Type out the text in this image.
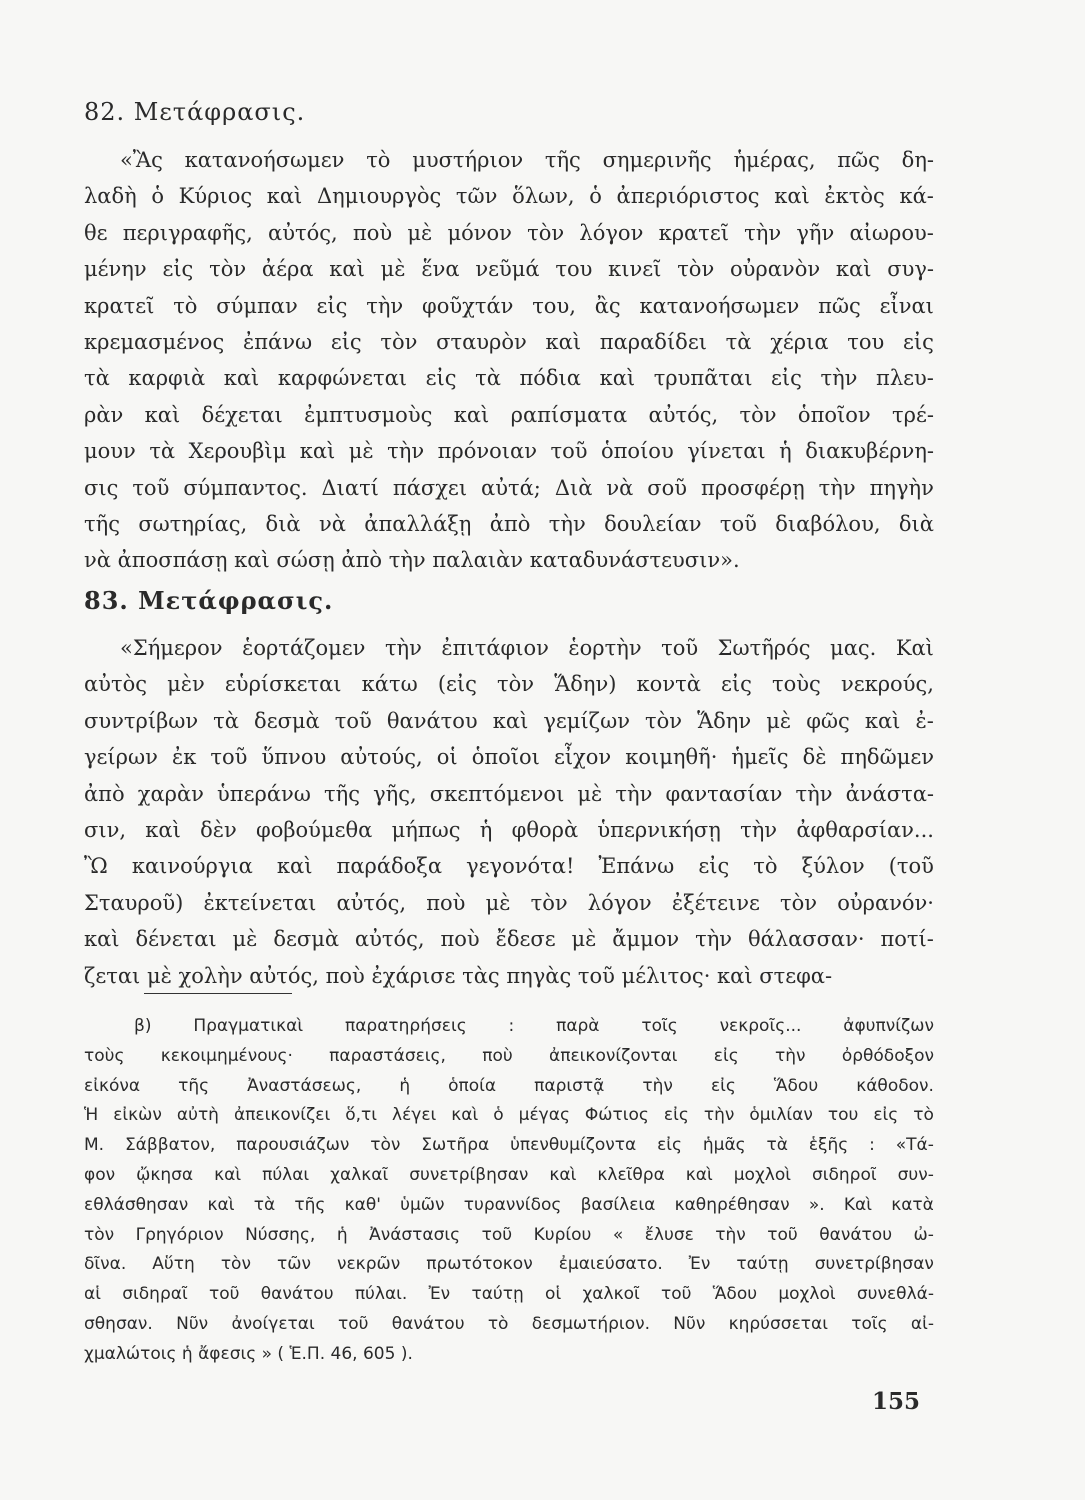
82. Μετάφρασις.
«Ἂς κατανοήσωμεν τὸ μυστήριον τῆς σημερινῆς ἡμέρας, πῶς δη-
λαδὴ ὁ Κύριος καὶ Δημιουργὸς τῶν ὅλων, ὁ ἀπεριόριστος καὶ ἐκτὸς κά-
θε περιγραφῆς, αὐτός, ποὺ μὲ μόνον τὸν λόγον κρατεῖ τὴν γῆν αἰωρου-
μένην εἰς τὸν ἀέρα καὶ μὲ ἕνα νεῦμά του κινεῖ τὸν οὐρανὸν καὶ συγ-
κρατεῖ τὸ σύμπαν εἰς τὴν φοῦχτάν του, ἂς κατανοήσωμεν πῶς εἶναι
κρεμασμένος ἐπάνω εἰς τὸν σταυρὸν καὶ παραδίδει τὰ χέρια του εἰς
τὰ καρφιὰ καὶ καρφώνεται εἰς τὰ πόδια καὶ τρυπᾶται εἰς τὴν πλευ-
ρὰν καὶ δέχεται ἐμπτυσμοὺς καὶ ραπίσματα αὐτός, τὸν ὁποῖον τρέ-
μουν τὰ Χερουβὶμ καὶ μὲ τὴν πρόνοιαν τοῦ ὁποίου γίνεται ἡ διακυβέρνη-
σις τοῦ σύμπαντος. Διατί πάσχει αὐτά; Διὰ νὰ σοῦ προσφέρῃ τὴν πηγὴν
τῆς σωτηρίας, διὰ νὰ ἀπαλλάξῃ ἀπὸ τὴν δουλείαν τοῦ διαβόλου, διὰ
νὰ ἀποσπάσῃ καὶ σώσῃ ἀπὸ τὴν παλαιὰν καταδυνάστευσιν».
83. Μετάφρασις.
«Σήμερον ἑορτάζομεν τὴν ἐπιτάφιον ἑορτὴν τοῦ Σωτῆρός μας. Καὶ
αὐτὸς μὲν εὑρίσκεται κάτω (εἰς τὸν Ἅδην) κοντὰ εἰς τοὺς νεκρούς,
συντρίβων τὰ δεσμὰ τοῦ θανάτου καὶ γεμίζων τὸν Ἅδην μὲ φῶς καὶ ἐ-
γείρων ἐκ τοῦ ὕπνου αὐτούς, οἱ ὁποῖοι εἶχον κοιμηθῆ· ἡμεῖς δὲ πηδῶμεν
ἀπὸ χαρὰν ὑπεράνω τῆς γῆς, σκεπτόμενοι μὲ τὴν φαντασίαν τὴν ἀνάστα-
σιν, καὶ δὲν φοβούμεθα μήπως ἡ φθορὰ ὑπερνικήσῃ τὴν ἀφθαρσίαν...
Ὢ καινούργια καὶ παράδοξα γεγονότα! Ἐπάνω εἰς τὸ ξύλον (τοῦ
Σταυροῦ) ἐκτείνεται αὐτός, ποὺ μὲ τὸν λόγον ἐξέτεινε τὸν οὐρανόν·
καὶ δένεται μὲ δεσμὰ αὐτός, ποὺ ἔδεσε μὲ ἄμμον τὴν θάλασσαν· ποτί-
ζεται μὲ χολὴν αὐτός, ποὺ ἐχάρισε τὰς πηγὰς τοῦ μέλιτος· καὶ στεφα-
β) Πραγματικαὶ παρατηρήσεις : παρὰ τοῖς νεκροῖς... ἀφυπνίζων
τοὺς κεκοιμημένους· παραστάσεις, ποὺ ἀπεικονίζονται εἰς τὴν ὀρθόδοξον
εἰκόνα τῆς Ἀναστάσεως, ἡ ὁποία παριστᾷ τὴν εἰς Ἅδου κάθοδον.
Ἡ εἰκὼν αὐτὴ ἀπεικονίζει ὅ,τι λέγει καὶ ὁ μέγας Φώτιος εἰς τὴν ὁμιλίαν του εἰς τὸ
Μ. Σάββατον, παρουσιάζων τὸν Σωτῆρα ὑπενθυμίζοντα εἰς ἡμᾶς τὰ ἑξῆς : «Τά-
φον ᾤκησα καὶ πύλαι χαλκαῖ συνετρίβησαν καὶ κλεῖθρα καὶ μοχλοὶ σιδηροῖ συν-
εθλάσθησαν καὶ τὰ τῆς καθ' ὑμῶν τυραννίδος βασίλεια καθηρέθησαν ». Καὶ κατὰ
τὸν Γρηγόριον Νύσσης, ἡ Ἀνάστασις τοῦ Κυρίου « ἔλυσε τὴν τοῦ θανάτου ὠ-
δῖνα. Αὕτη τὸν τῶν νεκρῶν πρωτότοκον ἐμαιεύσατο. Ἐν ταύτῃ συνετρίβησαν
αἱ σιδηραῖ τοῦ θανάτου πύλαι. Ἐν ταύτῃ οἱ χαλκοῖ τοῦ Ἅδου μοχλοὶ συνεθλά-
σθησαν. Νῦν ἀνοίγεται τοῦ θανάτου τὸ δεσμωτήριον. Νῦν κηρύσσεται τοῖς αἰ-
χμαλώτοις ἡ ἄφεσις » ( Ἑ.Π. 46, 605 ).
155
